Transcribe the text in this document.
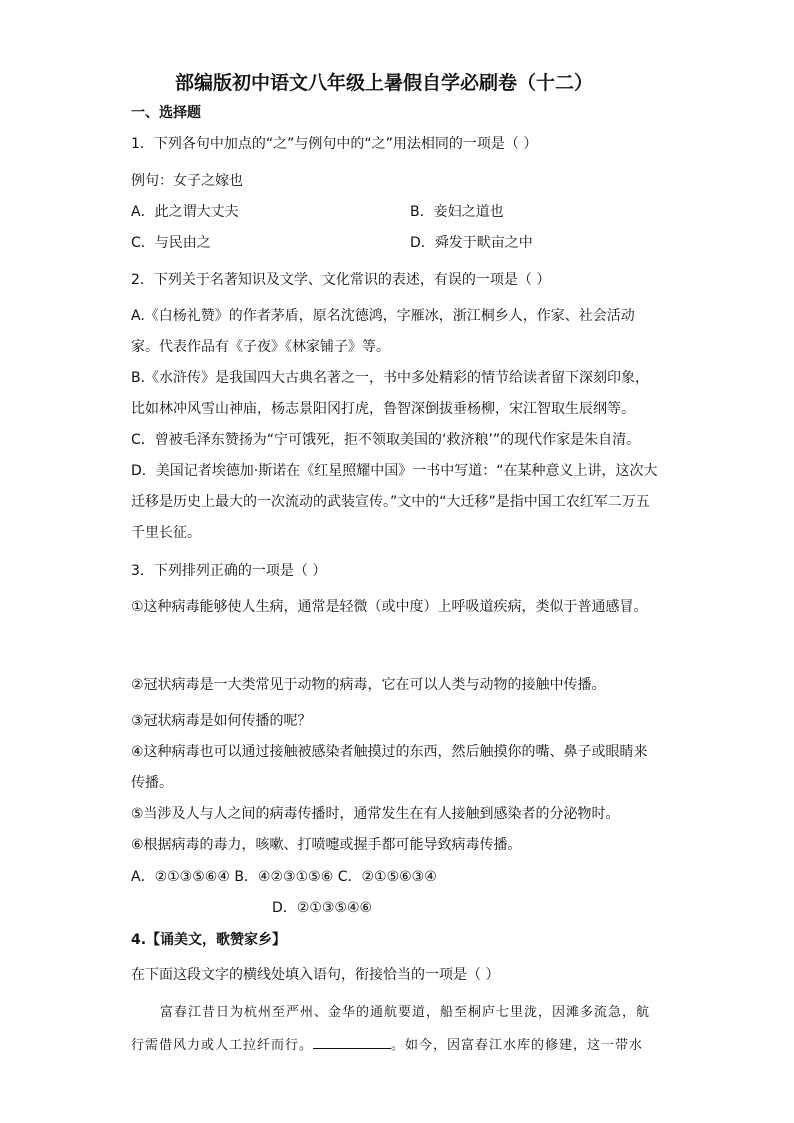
部编版初中语文八年级上暑假自学必刷卷（十二）
一、选择题
1．下列各句中加点的“之”与例句中的“之”用法相同的一项是（ ）
例句：女子之嫁也
A．此之谓大丈夫	B．妾妇之道也
C．与民由之	D．舜发于畎亩之中
2．下列关于名著知识及文学、文化常识的表述，有误的一项是（ ）
A.《白杨礼赞》的作者茅盾，原名沈德鸿，字雁冰，浙江桐乡人，作家、社会活动
家。代表作品有《子夜》《林家铺子》等。
B.《水浒传》是我国四大古典名著之一，书中多处精彩的情节给读者留下深刻印象，
比如林冲风雪山神庙，杨志景阳冈打虎，鲁智深倒拔垂杨柳，宋江智取生辰纲等。
C．曾被毛泽东赞扬为“宁可饿死，拒不领取美国的‘救济粮’”的现代作家是朱自清。
D．美国记者埃德加·斯诺在《红星照耀中国》一书中写道：“在某种意义上讲，这次大
迁移是历史上最大的一次流动的武装宣传。”文中的“大迁移”是指中国工农红军二万五
千里长征。
3．下列排列正确的一项是（ ）
①这种病毒能够使人生病，通常是轻微（或中度）上呼吸道疾病，类似于普通感冒。
②冠状病毒是一大类常见于动物的病毒，它在可以人类与动物的接触中传播。
③冠状病毒是如何传播的呢？
④这种病毒也可以通过接触被感染者触摸过的东西，然后触摸你的嘴、鼻子或眼睛来
传播。
⑤当涉及人与人之间的病毒传播时，通常发生在有人接触到感染者的分泌物时。
⑥根据病毒的毒力，咳嗽、打喷嚏或握手都可能导致病毒传播。
A．②①③⑤⑥④ B．④②③①⑤⑥ C．②①⑤⑥③④
D．②①③⑤④⑥
4.【诵美文，歌赞家乡】
在下面这段文字的横线处填入语句，衔接恰当的一项是（ ）
富春江昔日为杭州至严州、金华的通航要道，船至桐庐七里泷，因滩多流急，航
行需借风力或人工拉纤而行。	。如今，因富春江水库的修建，这一带水
